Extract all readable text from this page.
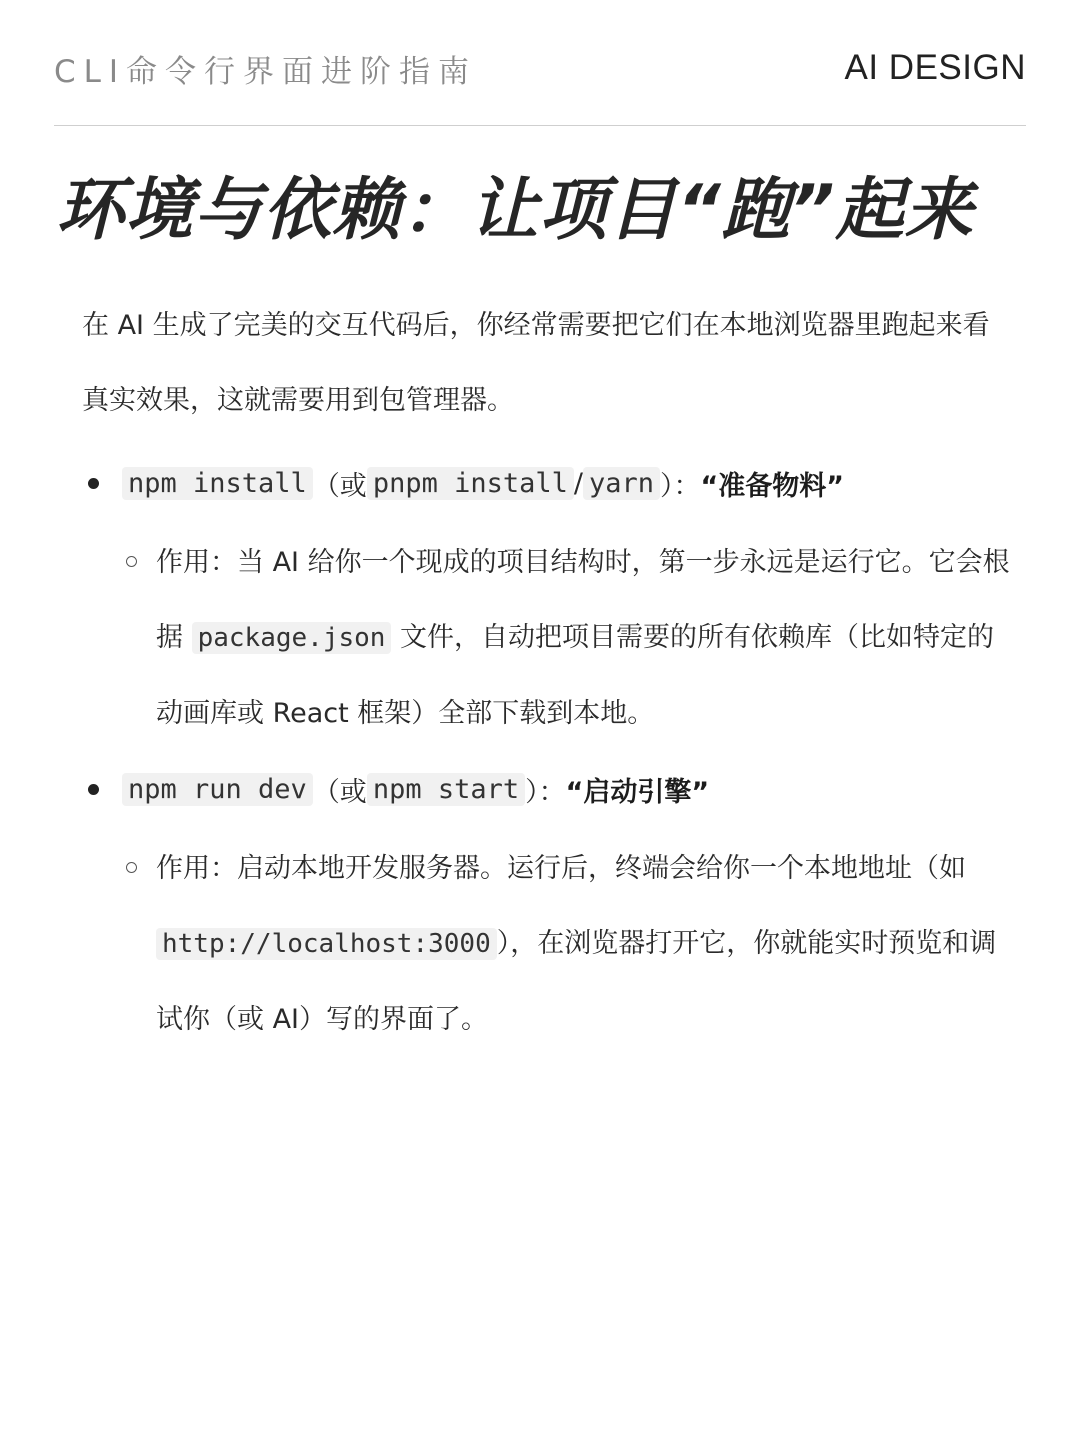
CLI命令行界面进阶指南	AI DESIGN
环境与依赖：让项目“跑”起来

在 AI 生成了完美的交互代码后，你经常需要把它们在本地浏览器里跑起来看真实效果，这就需要用到包管理器。

npm install （或 pnpm install / yarn ）： “准备物料”

作用：当 AI 给你一个现成的项目结构时，第一步永远是运行它。它会根据 package.json 文件，自动把项目需要的所有依赖库（比如特定的动画库或 React 框架）全部下载到本地。

npm run dev （或 npm start ）： “启动引擎”

作用：启动本地开发服务器。运行后，终端会给你一个本地地址（如 http://localhost:3000 ），在浏览器打开它，你就能实时预览和调试你（或 AI）写的界面了。
